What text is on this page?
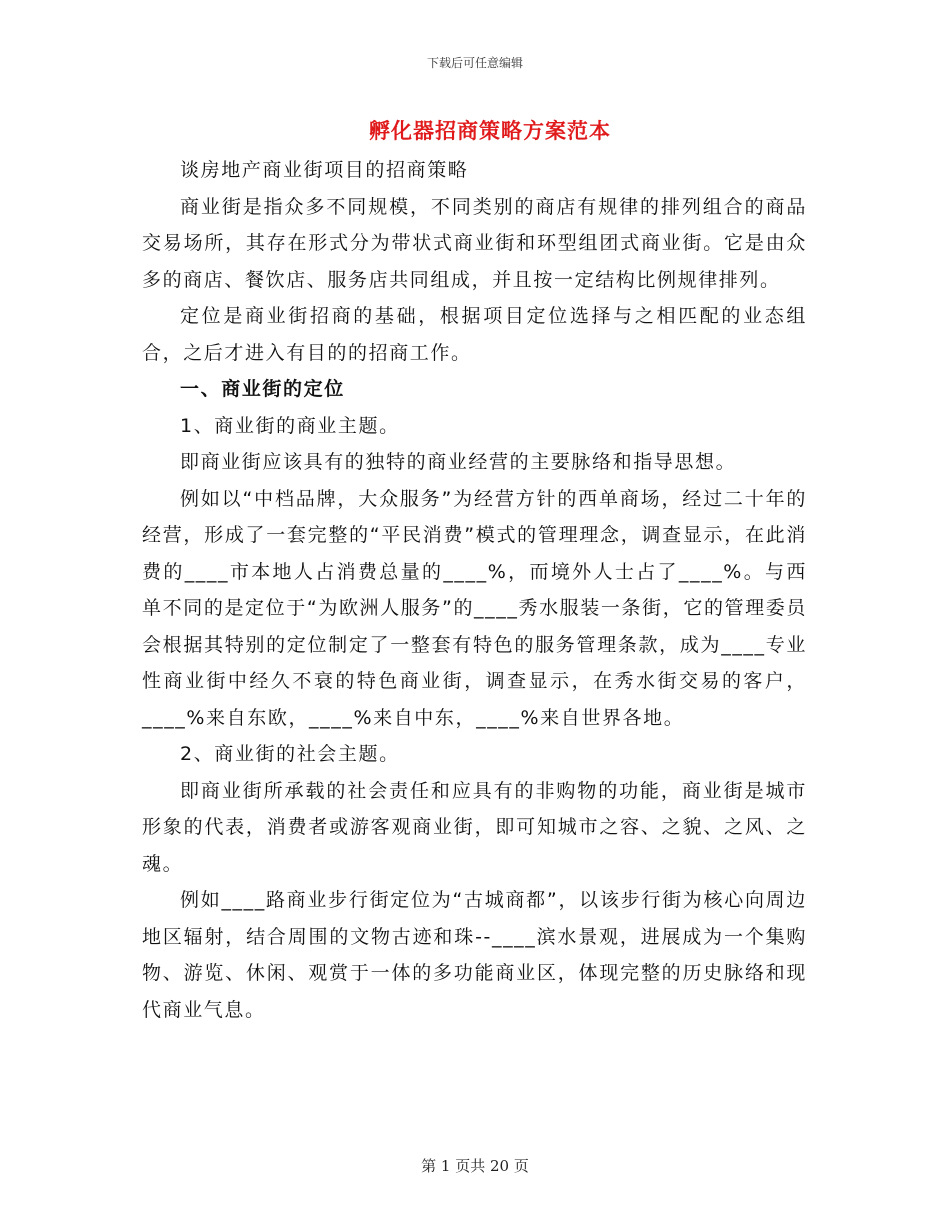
下载后可任意编辑
孵化器招商策略方案范本

谈房地产商业街项目的招商策略

商业街是指众多不同规模，不同类别的商店有规律的排列组合的商品交易场所，其存在形式分为带状式商业街和环型组团式商业街。它是由众多的商店、餐饮店、服务店共同组成，并且按一定结构比例规律排列。

定位是商业街招商的基础，根据项目定位选择与之相匹配的业态组合，之后才进入有目的的招商工作。

一、商业街的定位

1、商业街的商业主题。

即商业街应该具有的独特的商业经营的主要脉络和指导思想。

例如以“中档品牌，大众服务”为经营方针的西单商场，经过二十年的经营，形成了一套完整的“平民消费”模式的管理理念，调查显示，在此消费的____市本地人占消费总量的____%，而境外人士占了____%。与西单不同的是定位于“为欧洲人服务”的____秀水服装一条街，它的管理委员会根据其特别的定位制定了一整套有特色的服务管理条款，成为____专业性商业街中经久不衰的特色商业街，调查显示，在秀水街交易的客户，____%来自东欧，____%来自中东，____%来自世界各地。

2、商业街的社会主题。

即商业街所承载的社会责任和应具有的非购物的功能，商业街是城市形象的代表，消费者或游客观商业街，即可知城市之容、之貌、之风、之魂。

例如____路商业步行街定位为“古城商都”，以该步行街为核心向周边地区辐射，结合周围的文物古迹和珠--____滨水景观，进展成为一个集购物、游览、休闲、观赏于一体的多功能商业区，体现完整的历史脉络和现代商业气息。

第 1 页共 20 页
